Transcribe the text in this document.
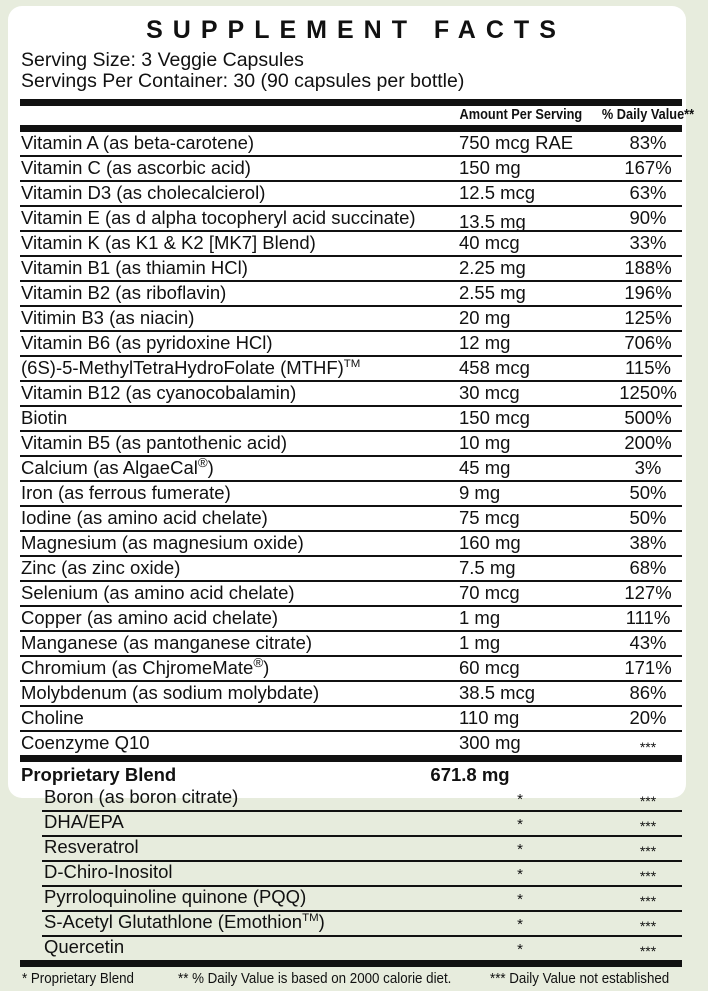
SUPPLEMENT FACTS
Serving Size: 3 Veggie Capsules
Servings Per Container: 30 (90 capsules per bottle)
Amount Per Serving	% Daily Value**
Vitamin A (as beta-carotene)	750 mcg RAE	83%
Vitamin C (as ascorbic acid)	150 mg	167%
Vitamin D3 (as cholecalcierol)	12.5 mcg	63%
Vitamin E (as d alpha tocopheryl acid succinate) 13.5 mg	90%
Vitamin K (as K1 & K2 [MK7] Blend)	40 mcg	33%
Vitamin B1 (as thiamin HCl)	2.25 mg	188%
Vitamin B2 (as riboflavin)	2.55 mg	196%
Vitimin B3 (as niacin)	20 mg	125%
Vitamin B6 (as pyridoxine HCl)	12 mg	706%
(6S)-5-MethylTetraHydroFolate (MTHF)™	458 mcg	115%
Vitamin B12 (as cyanocobalamin)	30 mcg	1250%
Biotin	150 mcg	500%
Vitamin B5 (as pantothenic acid)	10 mg	200%
Calcium (as AlgaeCal®)	45 mg	3%
Iron (as ferrous fumerate)	9 mg	50%
Iodine (as amino acid chelate)	75 mcg	50%
Magnesium (as magnesium oxide)	160 mg	38%
Zinc (as zinc oxide)	7.5 mg	68%
Selenium (as amino acid chelate)	70 mcg	127%
Copper (as amino acid chelate)	1 mg	111%
Manganese (as manganese citrate)	1 mg	43%
Chromium (as ChjromeMate®)	60 mcg	171%
Molybdenum (as sodium molybdate)	38.5 mcg	86%
Choline	110 mg	20%
Coenzyme Q10	300 mg	***
Proprietary Blend	671.8 mg
Boron (as boron citrate)	*	***
DHA/EPA	*	***
Resveratrol	*	***
D-Chiro-Inositol	*	***
Pyrroloquinoline quinone (PQQ)	*	***
S-Acetyl Glutathlone (Emothion™)	*	***
Quercetin	*	***
* Proprietary Blend	** % Daily Value is based on 2000 calorie diet.	*** Daily Value not established
